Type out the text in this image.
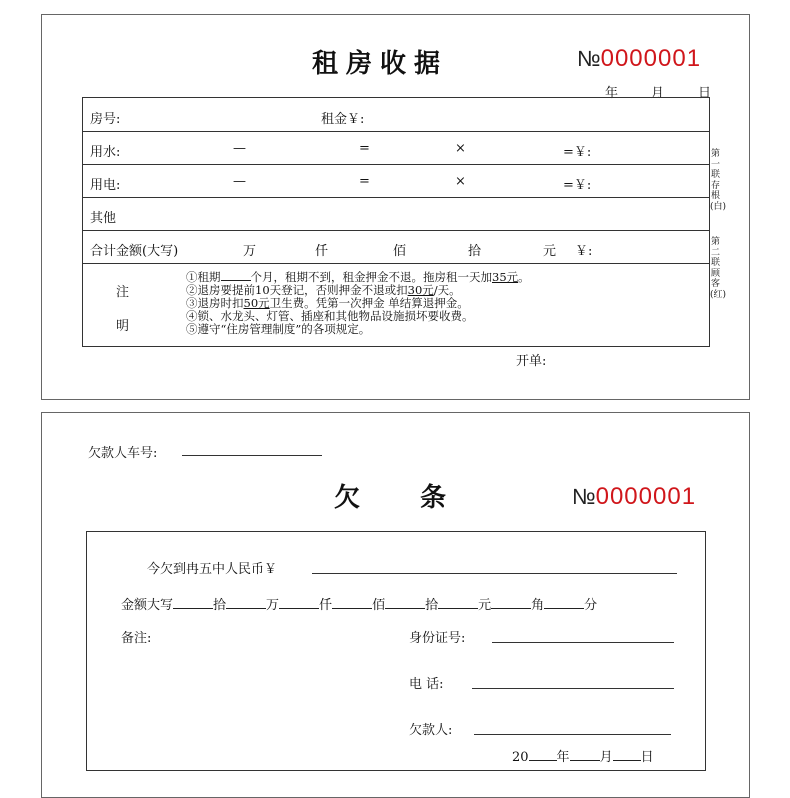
租房收据	№0000001
年	月	日
房号:	租金￥:
用水:	—	=	×	=￥:
用电:	—	=	×	=￥:
其他
合计金额(大写)	万	仟	佰	拾	元 ￥:
注
明
①租期	个月，租期不到，租金押金不退。拖房租一天加35元。
②退房要提前10天登记，否则押金不退或扣30元/天。
③退房时扣50元卫生费。凭第一次押金 单结算退押金。
④锁、水龙头、灯管、插座和其他物品设施损坏要收费。
⑤遵守“住房管理制度”的各项规定。
第一联存根(白)
第二联顾客(红)
开单:
欠款人车号:
欠条	№0000001
今欠到冉五中人民币￥
金额大写	拾	万	仟	佰	拾	元	角	分
备注:	身份证号:
电 话:
欠款人:
20 年 月 日
